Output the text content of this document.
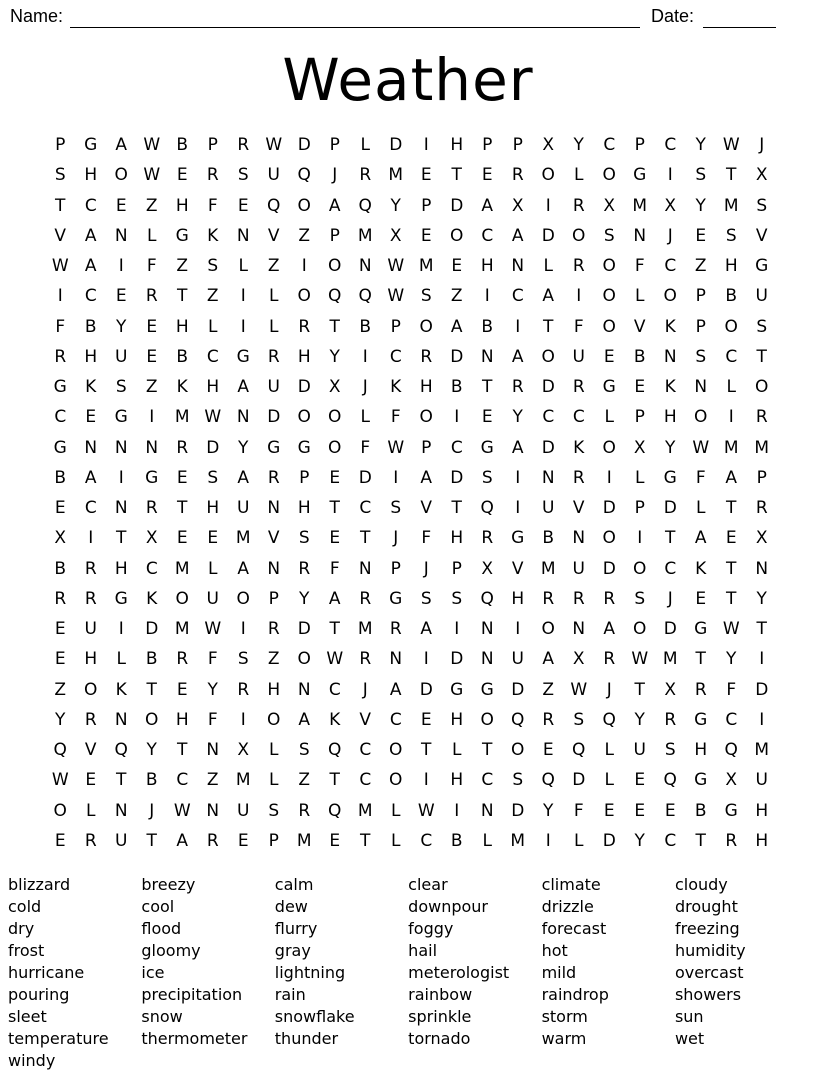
Name:	Date:
Weather
P	G	A W B	P	R W D	P	L	D	I	H	P	P	X	Y	C	P	C	Y W	J
S	H	O W E	R	S	U	Q	J	R	M	E	T	E	R	O	L	O	G	I	S	T	X
T	C	E	Z	H	F	E	Q	O	A	Q	Y	P	D	A	X	I	R	X	M	X	Y	M	S
V	A	N	L	G	K	N	V	Z	P	M	X	E	O	C	A	D	O	S	N	J	E	S	V
W A	I	F	Z	S	L	Z	I	O	N W M	E	H	N	L	R	O	F	C	Z	H	G
I	C	E	R	T	Z	I	L	O	Q	Q W S	Z	I	C	A	I	O	L	O	P	B	U
F	B	Y	E	H	L	I	L	R	T	B	P	O	A	B	I	T	F	O	V	K	P	O	S
R	H	U	E	B	C	G	R	H	Y	I	C	R	D	N	A	O	U	E	B	N	S	C	T
G	K	S	Z	K	H	A	U	D	X	J	K	H	B	T	R	D	R	G	E	K	N	L	O
C	E	G	I	M W N	D	O	O	L	F	O	I	E	Y	C	C	L	P	H	O	I	R
G	N	N	N	R	D	Y	G	G	O	F	W P	C	G	A	D	K	O	X	Y W M M
B	A	I	G	E	S	A	R	P	E	D	I	A	D	S	I	N	R	I	L	G	F	A	P
E	C	N	R	T	H	U	N	H	T	C	S	V	T	Q	I	U	V	D	P	D	L	T	R
X	I	T	X	E	E	M	V	S	E	T	J	F	H	R	G	B	N	O	I	T	A	E	X
B	R	H	C	M	L	A	N	R	F	N	P	J	P	X	V	M U	D	O	C	K	T	N
R	R	G	K	O	U	O	P	Y	A	R	G	S	S	Q	H	R	R	R	S	J	E	T	Y
E	U	I	D M W	I	R	D	T	M	R	A	I	N	I	O	N	A	O	D	G W T
E	H	L	B	R	F	S	Z	O W R	N	I	D	N	U	A	X	R W M	T	Y	I
Z	O	K	T	E	Y	R	H	N	C	J	A	D	G	G	D	Z W	J	T	X	R	F	D
Y	R	N	O	H	F	I	O	A	K	V	C	E	H	O	Q	R	S	Q	Y	R	G	C	I
Q	V	Q	Y	T	N	X	L	S	Q	C	O	T	L	T	O	E	Q	L	U	S	H	Q M
W E	T	B	C	Z	M	L	Z	T	C	O	I	H	C	S	Q	D	L	E	Q	G	X	U
O	L	N	J	W N	U	S	R	Q M	L	W	I	N	D	Y	F	E	E	E	B	G	H
E	R	U	T	A	R	E	P	M	E	T	L	C	B	L	M	I	L	D	Y	C	T	R	H
blizzard	breezy	calm	clear	climate	cloudy
cold	cool	dew	downpour	drizzle	drought
dry	flood	flurry	foggy	forecast	freezing
frost	gloomy	gray	hail	hot	humidity
hurricane	ice	lightning	meterologist	mild	overcast
pouring	precipitation	rain	rainbow	raindrop	showers
sleet	snow	snowflake	sprinkle	storm	sun
temperature	thermometer	thunder	tornado	warm	wet
windy
